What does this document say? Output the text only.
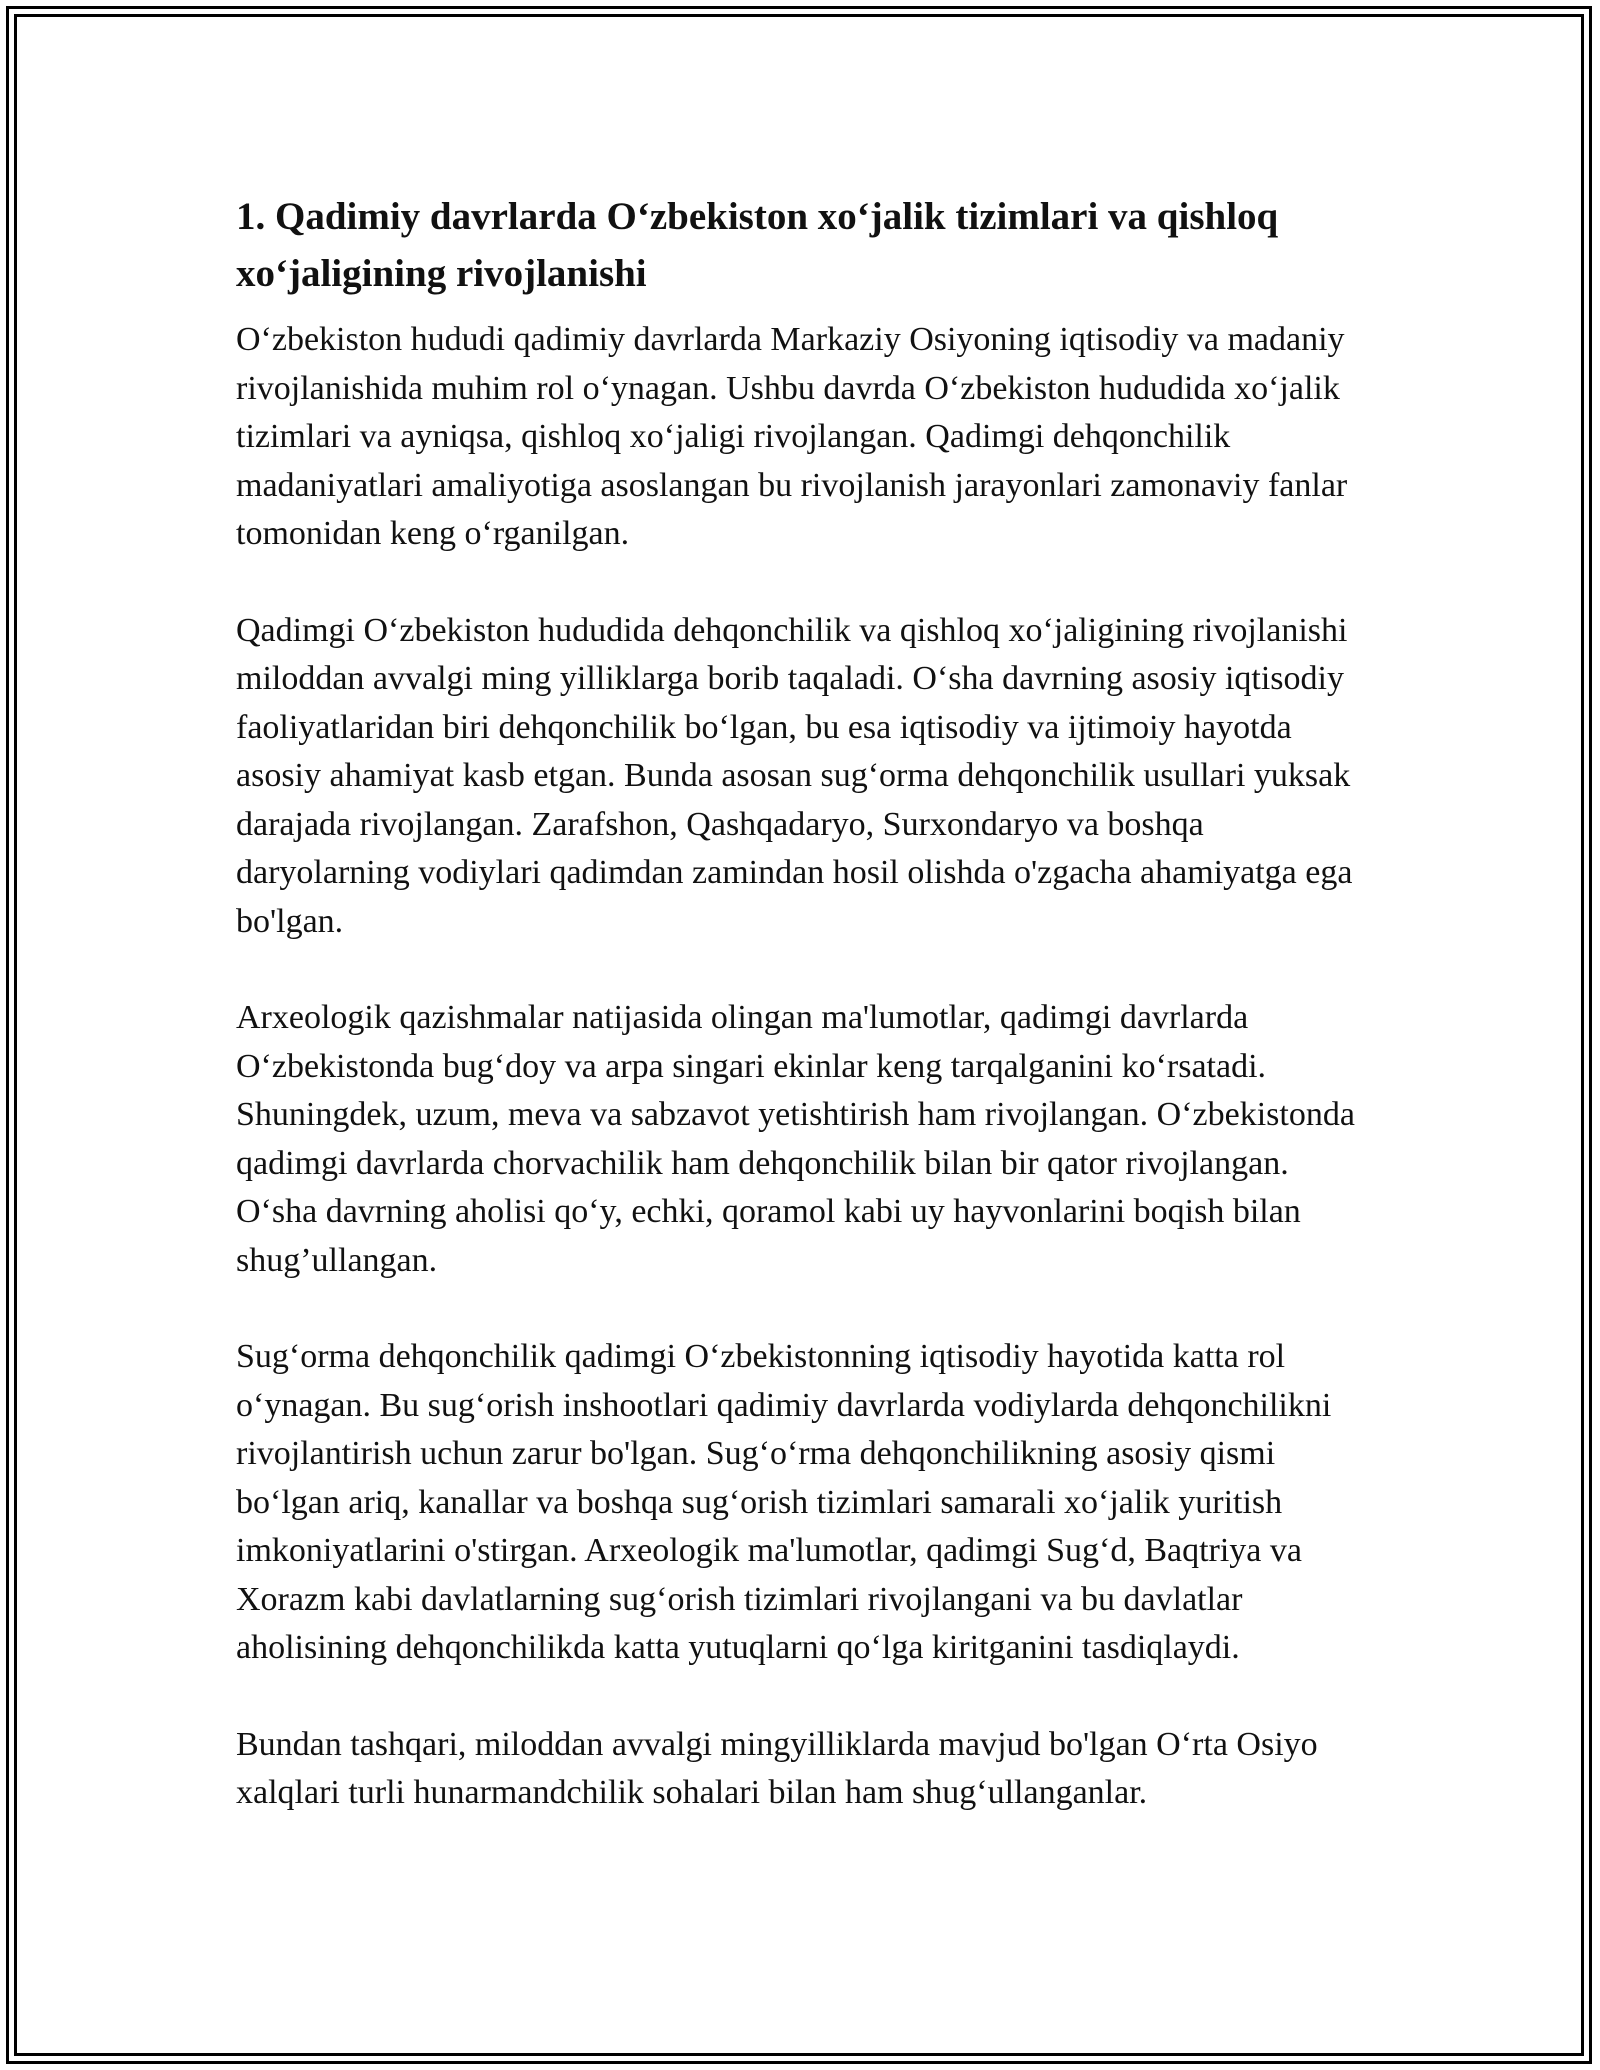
1. Qadimiy davrlarda O‘zbekiston xo‘jalik tizimlari va qishloq xo‘jaligining rivojlanishi

O‘zbekiston hududi qadimiy davrlarda Markaziy Osiyoning iqtisodiy va madaniy rivojlanishida muhim rol o‘ynagan. Ushbu davrda O‘zbekiston hududida xo‘jalik tizimlari va ayniqsa, qishloq xo‘jaligi rivojlangan. Qadimgi dehqonchilik madaniyatlari amaliyotiga asoslangan bu rivojlanish jarayonlari zamonaviy fanlar tomonidan keng o‘rganilgan.

Qadimgi O‘zbekiston hududida dehqonchilik va qishloq xo‘jaligining rivojlanishi miloddan avvalgi ming yilliklarga borib taqaladi. O‘sha davrning asosiy iqtisodiy faoliyatlaridan biri dehqonchilik bo‘lgan, bu esa iqtisodiy va ijtimoiy hayotda asosiy ahamiyat kasb etgan. Bunda asosan sug‘orma dehqonchilik usullari yuksak darajada rivojlangan. Zarafshon, Qashqadaryo, Surxondaryo va boshqa daryolarning vodiylari qadimdan zamindan hosil olishda o'zgacha ahamiyatga ega bo'lgan.

Arxeologik qazishmalar natijasida olingan ma'lumotlar, qadimgi davrlarda O‘zbekistonda bug‘doy va arpa singari ekinlar keng tarqalganini ko‘rsatadi. Shuningdek, uzum, meva va sabzavot yetishtirish ham rivojlangan. O‘zbekistonda qadimgi davrlarda chorvachilik ham dehqonchilik bilan bir qator rivojlangan. O‘sha davrning aholisi qo‘y, echki, qoramol kabi uy hayvonlarini boqish bilan shug’ullangan.

Sug‘orma dehqonchilik qadimgi O‘zbekistonning iqtisodiy hayotida katta rol o‘ynagan. Bu sug‘orish inshootlari qadimiy davrlarda vodiylarda dehqonchilikni rivojlantirish uchun zarur bo'lgan. Sug‘o‘rma dehqonchilikning asosiy qismi bo‘lgan ariq, kanallar va boshqa sug‘orish tizimlari samarali xo‘jalik yuritish imkoniyatlarini o'stirgan. Arxeologik ma'lumotlar, qadimgi Sug‘d, Baqtriya va Xorazm kabi davlatlarning sug‘orish tizimlari rivojlangani va bu davlatlar aholisining dehqonchilikda katta yutuqlarni qo‘lga kiritganini tasdiqlaydi.

Bundan tashqari, miloddan avvalgi mingyilliklarda mavjud bo'lgan O‘rta Osiyo xalqlari turli hunarmandchilik sohalari bilan ham shug‘ullanganlar.
